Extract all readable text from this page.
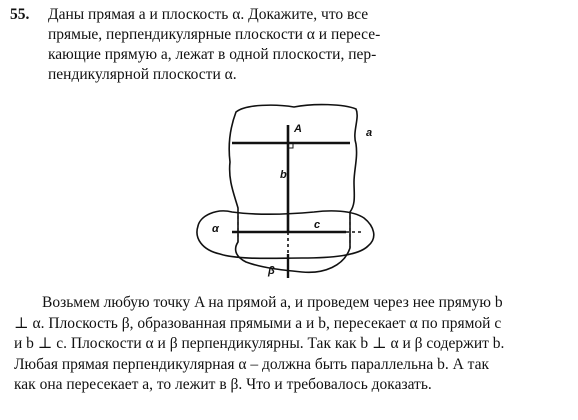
55. Даны прямая a и плоскость α. Докажите, что все
прямые, перпендикулярные плоскости α и пересе-
кающие прямую a, лежат в одной плоскости, пер-
пендикулярной плоскости α.
A	a
b
c
α
β
Возьмем любую точку A на прямой a, и проведем через нее прямую b
⊥ α. Плоскость β, образованная прямыми a и b, пересекает α по прямой c
и b ⊥ c. Плоскости α и β перпендикулярны. Так как b ⊥ α и β содержит b.
Любая прямая перпендикулярная α – должна быть параллельна b. А так
как она пересекает a, то лежит в β. Что и требовалось доказать.
